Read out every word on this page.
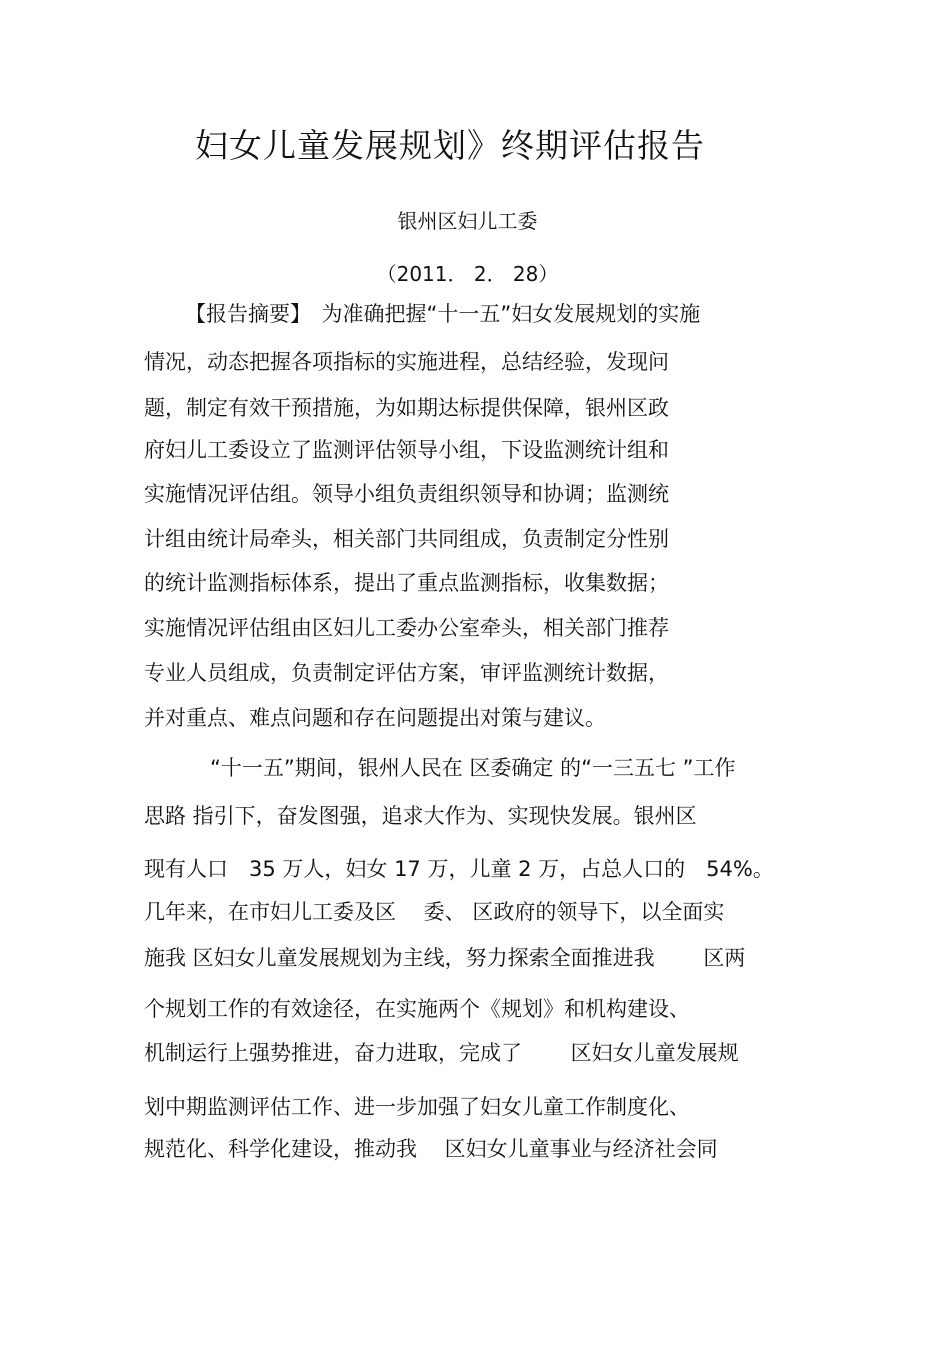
妇女儿童发展规划》终期评估报告
银州区妇儿工委
（2011． 2． 28）
【报告摘要】　为准确把握“十一五”妇女发展规划的实施
情况，动态把握各项指标的实施进程，总结经验，发现问
题，制定有效干预措施，为如期达标提供保障，银州区政
府妇儿工委设立了监测评估领导小组，下设监测统计组和
实施情况评估组。领导小组负责组织领导和协调；监测统
计组由统计局牵头，相关部门共同组成，负责制定分性别
的统计监测指标体系，提出了重点监测指标，收集数据；
实施情况评估组由区妇儿工委办公室牵头，相关部门推荐
专业人员组成，负责制定评估方案，审评监测统计数据，
并对重点、难点问题和存在问题提出对策与建议。
“十一五”期间，银州人民在 区委确定 的“一三五七 ”工作
思路 指引下，奋发图强，追求大作为、实现快发展。银州区
现有人口　35 万人，妇女 17 万，儿童 2 万，占总人口的　54%。
几年来，在市妇儿工委及区　 委、 区政府的领导下，以全面实
施我 区妇女儿童发展规划为主线，努力探索全面推进我　　 区两
个规划工作的有效途径，在实施两个《规划》和机构建设、
机制运行上强势推进，奋力进取，完成了　　 区妇女儿童发展规
划中期监测评估工作、进一步加强了妇女儿童工作制度化、
规范化、科学化建设，推动我　 区妇女儿童事业与经济社会同
